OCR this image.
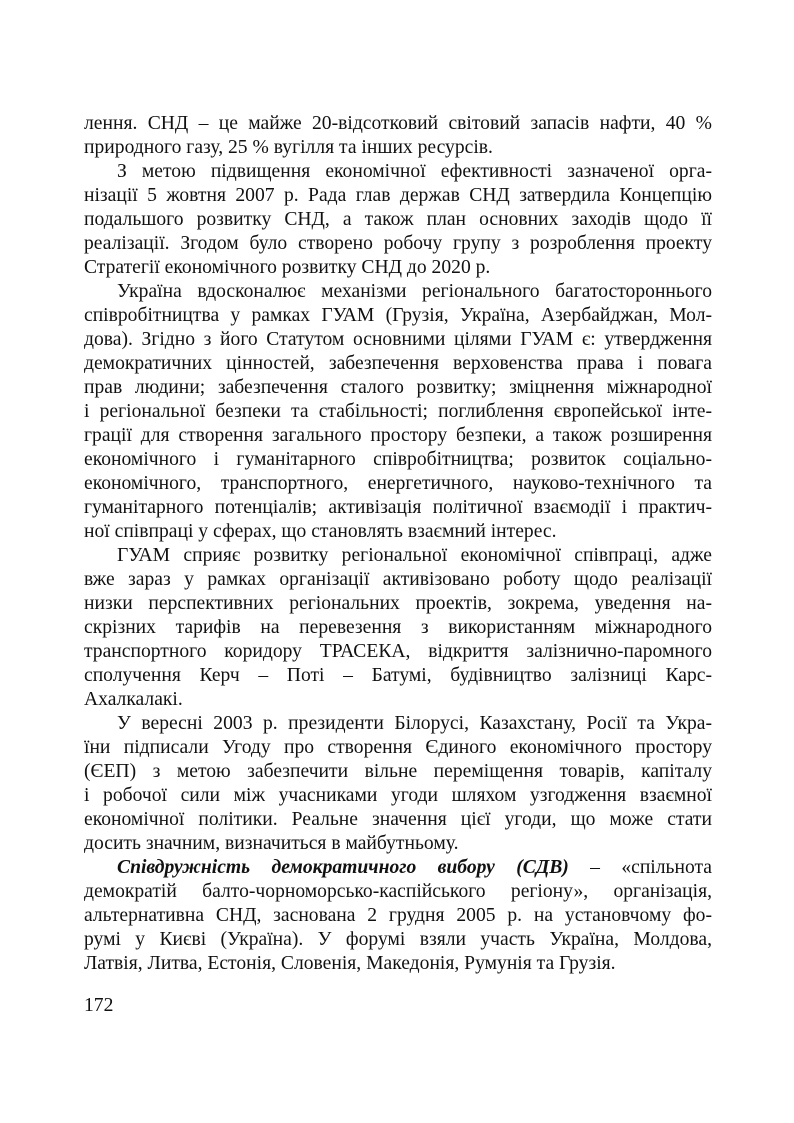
лення. СНД – це майже 20-відсотковий світовий запасів нафти, 40 %
природного газу, 25 % вугілля та інших ресурсів.
З метою підвищення економічної ефективності зазначеної орга-
нізації 5 жовтня 2007 р. Рада глав держав СНД затвердила Концепцію
подальшого розвитку СНД, а також план основних заходів щодо її
реалізації. Згодом було створено робочу групу з розроблення проекту
Стратегії економічного розвитку СНД до 2020 р.
Україна вдосконалює механізми регіонального багатостороннього
співробітництва у рамках ГУАМ (Грузія, Україна, Азербайджан, Мол-
дова). Згідно з його Статутом основними цілями ГУАМ є: утвердження
демократичних цінностей, забезпечення верховенства права і повага
прав людини; забезпечення сталого розвитку; зміцнення міжнародної
і регіональної безпеки та стабільності; поглиблення європейської інте-
грації для створення загального простору безпеки, а також розширення
економічного і гуманітарного співробітництва; розвиток соціально-
економічного, транспортного, енергетичного, науково-технічного та
гуманітарного потенціалів; активізація політичної взаємодії і практич-
ної співпраці у сферах, що становлять взаємний інтерес.
ГУАМ сприяє розвитку регіональної економічної співпраці, адже
вже зараз у рамках організації активізовано роботу щодо реалізації
низки перспективних регіональних проектів, зокрема, уведення на-
скрізних тарифів на перевезення з використанням міжнародного
транспортного коридору ТРАСЕКА, відкриття залізнично-паромного
сполучення Керч – Поті – Батумі, будівництво залізниці Карс-
Ахалкалакі.
У вересні 2003 р. президенти Білорусі, Казахстану, Росії та Укра-
їни підписали Угоду про створення Єдиного економічного простору
(ЄЕП) з метою забезпечити вільне переміщення товарів, капіталу
і робочої сили між учасниками угоди шляхом узгодження взаємної
економічної політики. Реальне значення цієї угоди, що може стати
досить значним, визначиться в майбутньому.
Співдружність демократичного вибору (СДВ) – «спільнота
демократій балто-чорноморсько-каспійського регіону», організація,
альтернативна СНД, заснована 2 грудня 2005 р. на установчому фо-
румі у Києві (Україна). У форумі взяли участь Україна, Молдова,
Латвія, Литва, Естонія, Словенія, Македонія, Румунія та Грузія.
172
